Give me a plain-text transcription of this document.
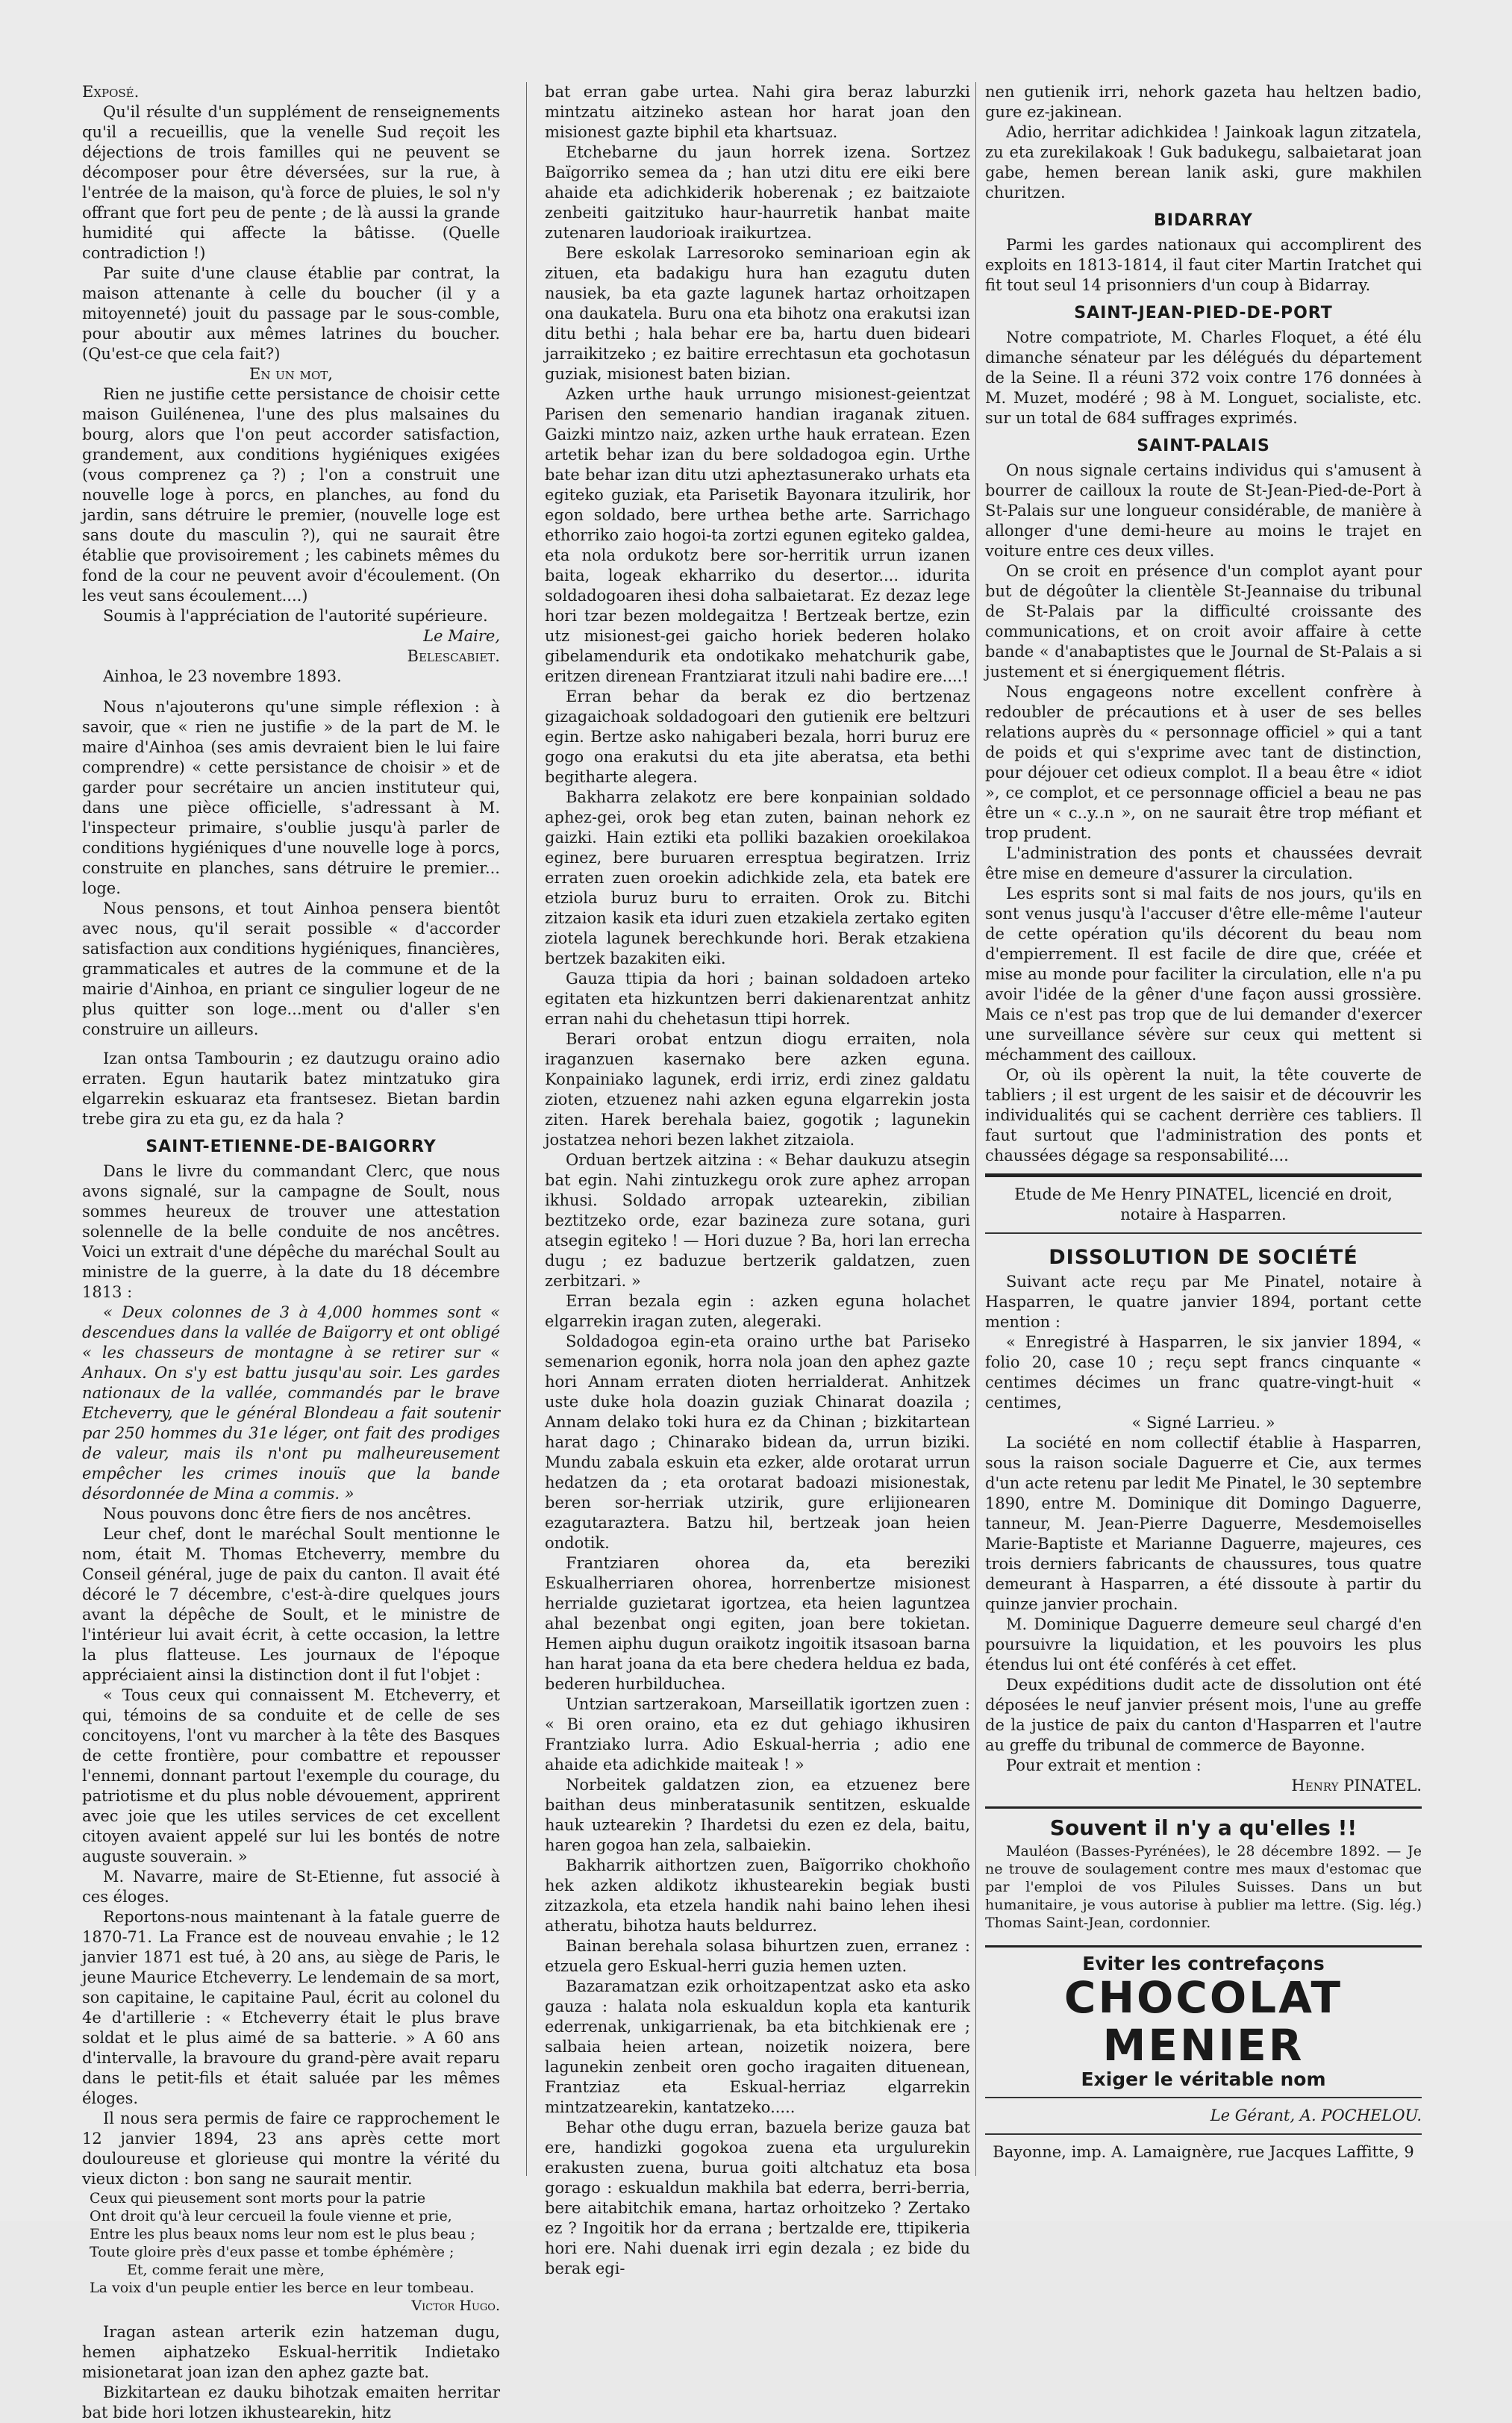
Exposé.

Qu'il résulte d'un supplément de renseignements qu'il a recueillis, que la venelle Sud reçoit les déjections de trois familles qui ne peuvent se décomposer pour être déversées, sur la rue, à l'entrée de la maison, qu'à force de pluies, le sol n'y offrant que fort peu de pente ; de là aussi la grande humidité qui affecte la bâtisse. (Quelle contradiction !)

Par suite d'une clause établie par contrat, la maison attenante à celle du boucher (il y a mitoyenneté) jouit du passage par le sous-comble, pour aboutir aux mêmes latrines du boucher. (Qu'est-ce que cela fait?)

En un mot,

Rien ne justifie cette persistance de choisir cette maison Guilénenea, l'une des plus malsaines du bourg, alors que l'on peut accorder satisfaction, grandement, aux conditions hygiéniques exigées (vous comprenez ça ?) ; l'on a construit une nouvelle loge à porcs, en planches, au fond du jardin, sans détruire le premier, (nouvelle loge est sans doute du masculin ?), qui ne saurait être établie que provisoirement ; les cabinets mêmes du fond de la cour ne peuvent avoir d'écoulement. (On les veut sans écoulement....)

Soumis à l'appréciation de l'autorité supérieure.

Le Maire,

Belescabiet.

Ainhoa, le 23 novembre 1893.

Nous n'ajouterons qu'une simple réflexion : à savoir, que « rien ne justifie » de la part de M. le maire d'Ainhoa (ses amis devraient bien le lui faire comprendre) « cette persistance de choisir » et de garder pour secrétaire un ancien instituteur qui, dans une pièce officielle, s'adressant à M. l'inspecteur primaire, s'oublie jusqu'à parler de conditions hygiéniques d'une nouvelle loge à porcs, construite en planches, sans détruire le premier... loge.

Nous pensons, et tout Ainhoa pensera bientôt avec nous, qu'il serait possible « d'accorder satisfaction aux conditions hygiéniques, financières, grammaticales et autres de la commune et de la mairie d'Ainhoa, en priant ce singulier logeur de ne plus quitter son loge...ment ou d'aller s'en construire un ailleurs.

Izan ontsa Tambourin ; ez dautzugu oraino adio erraten. Egun hautarik batez mintzatuko gira elgarrekin eskuaraz eta frantsesez. Bietan bardin trebe gira zu eta gu, ez da hala ?

SAINT-ETIENNE-DE-BAIGORRY

Dans le livre du commandant Clerc, que nous avons signalé, sur la campagne de Soult, nous sommes heureux de trouver une attestation solennelle de la belle conduite de nos ancêtres. Voici un extrait d'une dépêche du maréchal Soult au ministre de la guerre, à la date du 18 décembre 1813 :

« Deux colonnes de 3 à 4,000 hommes sont « descendues dans la vallée de Baïgorry et ont obligé « les chasseurs de montagne à se retirer sur « Anhaux. On s'y est battu jusqu'au soir. Les gardes nationaux de la vallée, commandés par le brave Etcheverry, que le général Blondeau a fait soutenir par 250 hommes du 31e léger, ont fait des prodiges de valeur, mais ils n'ont pu malheureusement empêcher les crimes inouïs que la bande désordonnée de Mina a commis. »

Nous pouvons donc être fiers de nos ancêtres.

Leur chef, dont le maréchal Soult mentionne le nom, était M. Thomas Etcheverry, membre du Conseil général, juge de paix du canton. Il avait été décoré le 7 décembre, c'est-à-dire quelques jours avant la dépêche de Soult, et le ministre de l'intérieur lui avait écrit, à cette occasion, la lettre la plus flatteuse. Les journaux de l'époque appréciaient ainsi la distinction dont il fut l'objet :

« Tous ceux qui connaissent M. Etcheverry, et qui, témoins de sa conduite et de celle de ses concitoyens, l'ont vu marcher à la tête des Basques de cette frontière, pour combattre et repousser l'ennemi, donnant partout l'exemple du courage, du patriotisme et du plus noble dévouement, apprirent avec joie que les utiles services de cet excellent citoyen avaient appelé sur lui les bontés de notre auguste souverain. »

M. Navarre, maire de St-Etienne, fut associé à ces éloges.

Reportons-nous maintenant à la fatale guerre de 1870-71. La France est de nouveau envahie ; le 12 janvier 1871 est tué, à 20 ans, au siège de Paris, le jeune Maurice Etcheverry. Le lendemain de sa mort, son capitaine, le capitaine Paul, écrit au colonel du 4e d'artillerie : « Etcheverry était le plus brave soldat et le plus aimé de sa batterie. » A 60 ans d'intervalle, la bravoure du grand-père avait reparu dans le petit-fils et était saluée par les mêmes éloges.

Il nous sera permis de faire ce rapprochement le 12 janvier 1894, 23 ans après cette mort douloureuse et glorieuse qui montre la vérité du vieux dicton : bon sang ne saurait mentir.

Ceux qui pieusement sont morts pour la patrie

Ont droit qu'à leur cercueil la foule vienne et prie,

Entre les plus beaux noms leur nom est le plus beau ;

Toute gloire près d'eux passe et tombe éphémère ;

Et, comme ferait une mère,

La voix d'un peuple entier les berce en leur tombeau.

Victor Hugo.

Iragan astean arterik ezin hatzeman dugu, hemen aiphatzeko Eskual-herritik Indietako misionetarat joan izan den aphez gazte bat.

Bizkitartean ez dauku bihotzak emaiten herritar bat bide hori lotzen ikhustearekin, hitz

bat erran gabe urtea. Nahi gira beraz laburzki mintzatu aitzineko astean hor harat joan den misionest gazte biphil eta khartsuaz.

Etchebarne du jaun horrek izena. Sortzez Baïgorriko semea da ; han utzi ditu ere eiki bere ahaide eta adichkiderik hoberenak ; ez baitzaiote zenbeiti gaitzituko haur-haurretik hanbat maite zutenaren laudorioak iraikurtzea.

Bere eskolak Larresoroko seminarioan egin ak zituen, eta badakigu hura han ezagutu duten nausiek, ba eta gazte lagunek hartaz orhoitzapen ona daukatela. Buru ona eta bihotz ona erakutsi izan ditu bethi ; hala behar ere ba, hartu duen bideari jarraikitzeko ; ez baitire errechtasun eta gochotasun guziak, misionest baten bizian.

Azken urthe hauk urrungo misionest-geientzat Parisen den semenario handian iraganak zituen. Gaizki mintzo naiz, azken urthe hauk erratean. Ezen artetik behar izan du bere soldadogoa egin. Urthe bate behar izan ditu utzi apheztasunerako urhats eta egiteko guziak, eta Parisetik Bayonara itzulirik, hor egon soldado, bere urthea bethe arte. Sarrichago ethorriko zaio hogoi-ta zortzi egunen egiteko galdea, eta nola ordukotz bere sor-herritik urrun izanen baita, logeak ekharriko du desertor.... idurita soldadogoaren ihesi doha salbaietarat. Ez dezaz lege hori tzar bezen moldegaitza ! Bertzeak bertze, ezin utz misionest-gei gaicho horiek bederen holako gibelamendurik eta ondotikako mehatchurik gabe, eritzen direnean Frantziarat itzuli nahi badire ere....!

Erran behar da berak ez dio bertzenaz gizagaichoak soldadogoari den gutienik ere beltzuri egin. Bertze asko nahigaberi bezala, horri buruz ere gogo ona erakutsi du eta jite aberatsa, eta bethi begitharte alegera.

Bakharra zelakotz ere bere konpainian soldado aphez-gei, orok beg etan zuten, bainan nehork ez gaizki. Hain eztiki eta polliki bazakien oroekilakoa eginez, bere buruaren erresptua begiratzen. Irriz erraten zuen oroekin adichkide zela, eta batek ere etziola buruz buru to erraiten. Orok zu. Bitchi zitzaion kasik eta iduri zuen etzakiela zertako egiten ziotela lagunek berechkunde hori. Berak etzakiena bertzek bazakiten eiki.

Gauza ttipia da hori ; bainan soldadoen arteko egitaten eta hizkuntzen berri dakienarentzat anhitz erran nahi du chehetasun ttipi horrek.

Berari orobat entzun diogu erraiten, nola iraganzuen kasernako bere azken eguna. Konpainiako lagunek, erdi irriz, erdi zinez galdatu zioten, etzuenez nahi azken eguna elgarrekin josta ziten. Harek berehala baiez, gogotik ; lagunekin jostatzea nehori bezen lakhet zitzaiola.

Orduan bertzek aitzina : « Behar daukuzu atsegin bat egin. Nahi zintuzkegu orok zure aphez arropan ikhusi. Soldado arropak uztearekin, zibilian beztitzeko orde, ezar bazineza zure sotana, guri atsegin egiteko ! — Hori duzue ? Ba, hori lan errecha dugu ; ez baduzue bertzerik galdatzen, zuen zerbitzari. »

Erran bezala egin : azken eguna holachet elgarrekin iragan zuten, alegeraki.

Soldadogoa egin-eta oraino urthe bat Pariseko semenarion egonik, horra nola joan den aphez gazte hori Annam erraten dioten herrialderat. Anhitzek uste duke hola doazin guziak Chinarat doazila ; Annam delako toki hura ez da Chinan ; bizkitartean harat dago ; Chinarako bidean da, urrun biziki. Mundu zabala eskuin eta ezker, alde orotarat urrun hedatzen da ; eta orotarat badoazi misionestak, beren sor-herriak utzirik, gure erlijionearen ezagutaraztera. Batzu hil, bertzeak joan heien ondotik.

Frantziaren ohorea da, eta bereziki Eskualherriaren ohorea, horrenbertze misionest herrialde guzietarat igortzea, eta heien laguntzea ahal bezenbat ongi egiten, joan bere tokietan. Hemen aiphu dugun oraikotz ingoitik itsasoan barna han harat joana da eta bere chedera heldua ez bada, bederen hurbilduchea.

Untzian sartzerakoan, Marseillatik igortzen zuen : « Bi oren oraino, eta ez dut gehiago ikhusiren Frantziako lurra. Adio Eskual-herria ; adio ene ahaide eta adichkide maiteak ! »

Norbeitek galdatzen zion, ea etzuenez bere baithan deus minberatasunik sentitzen, eskualde hauk uztearekin ? Ihardetsi du ezen ez dela, baitu, haren gogoa han zela, salbaiekin.

Bakharrik aithortzen zuen, Baïgorriko chokhoño hek azken aldikotz ikhustearekin begiak busti zitzazkola, eta etzela handik nahi baino lehen ihesi atheratu, bihotza hauts beldurrez.

Bainan berehala solasa bihurtzen zuen, erranez : etzuela gero Eskual-herri guzia hemen uzten.

Bazaramatzan ezik orhoitzapentzat asko eta asko gauza : halata nola eskualdun kopla eta kanturik ederrenak, unkigarrienak, ba eta bitchkienak ere ; salbaia heien artean, noizetik noizera, bere lagunekin zenbeit oren gocho iragaiten dituenean, Frantziaz eta Eskual-herriaz elgarrekin mintzatzearekin, kantatzeko.....

Behar othe dugu erran, bazuela berize gauza bat ere, handizki gogokoa zuena eta urgulurekin erakusten zuena, burua goiti altchatuz eta bosa gorago : eskualdun makhila bat ederra, berri-berria, bere aitabitchik emana, hartaz orhoitzeko ? Zertako ez ? Ingoitik hor da errana ; bertzalde ere, ttipikeria hori ere. Nahi duenak irri egin dezala ; ez bide du berak egi-

nen gutienik irri, nehork gazeta hau heltzen badio, gure ez-jakinean.

Adio, herritar adichkidea ! Jainkoak lagun zitzatela, zu eta zurekilakoak ! Guk badukegu, salbaietarat joan gabe, hemen berean lanik aski, gure makhilen churitzen.

BIDARRAY

Parmi les gardes nationaux qui accomplirent des exploits en 1813-1814, il faut citer Martin Iratchet qui fit tout seul 14 prisonniers d'un coup à Bidarray.

SAINT-JEAN-PIED-DE-PORT

Notre compatriote, M. Charles Floquet, a été élu dimanche sénateur par les délégués du département de la Seine. Il a réuni 372 voix contre 176 données à M. Muzet, modéré ; 98 à M. Longuet, socialiste, etc. sur un total de 684 suffrages exprimés.

SAINT-PALAIS

On nous signale certains individus qui s'amusent à bourrer de cailloux la route de St-Jean-Pied-de-Port à St-Palais sur une longueur considérable, de manière à allonger d'une demi-heure au moins le trajet en voiture entre ces deux villes.

On se croit en présence d'un complot ayant pour but de dégoûter la clientèle St-Jeannaise du tribunal de St-Palais par la difficulté croissante des communications, et on croit avoir affaire à cette bande « d'anabaptistes que le Journal de St-Palais a si justement et si énergiquement flétris.

Nous engageons notre excellent confrère à redoubler de précautions et à user de ses belles relations auprès du « personnage officiel » qui a tant de poids et qui s'exprime avec tant de distinction, pour déjouer cet odieux complot. Il a beau être « idiot », ce complot, et ce personnage officiel a beau ne pas être un « c..y..n », on ne saurait être trop méfiant et trop prudent.

L'administration des ponts et chaussées devrait être mise en demeure d'assurer la circulation.

Les esprits sont si mal faits de nos jours, qu'ils en sont venus jusqu'à l'accuser d'être elle-même l'auteur de cette opération qu'ils décorent du beau nom d'empierrement. Il est facile de dire que, créée et mise au monde pour faciliter la circulation, elle n'a pu avoir l'idée de la gêner d'une façon aussi grossière. Mais ce n'est pas trop que de lui demander d'exercer une surveillance sévère sur ceux qui mettent si méchamment des cailloux.

Or, où ils opèrent la nuit, la tête couverte de tabliers ; il est urgent de les saisir et de découvrir les individualités qui se cachent derrière ces tabliers. Il faut surtout que l'administration des ponts et chaussées dégage sa responsabilité....

Etude de Me Henry PINATEL, licencié en droit, notaire à Hasparren.

DISSOLUTION DE SOCIÉTÉ

Suivant acte reçu par Me Pinatel, notaire à Hasparren, le quatre janvier 1894, portant cette mention :

« Enregistré à Hasparren, le six janvier 1894, « folio 20, case 10 ; reçu sept francs cinquante « centimes décimes un franc quatre-vingt-huit « centimes,

« Signé Larrieu. »

La société en nom collectif établie à Hasparren, sous la raison sociale Daguerre et Cie, aux termes d'un acte retenu par ledit Me Pinatel, le 30 septembre 1890, entre M. Dominique dit Domingo Daguerre, tanneur, M. Jean-Pierre Daguerre, Mesdemoiselles Marie-Baptiste et Marianne Daguerre, majeures, ces trois derniers fabricants de chaussures, tous quatre demeurant à Hasparren, a été dissoute à partir du quinze janvier prochain.

M. Dominique Daguerre demeure seul chargé d'en poursuivre la liquidation, et les pouvoirs les plus étendus lui ont été conférés à cet effet.

Deux expéditions dudit acte de dissolution ont été déposées le neuf janvier présent mois, l'une au greffe de la justice de paix du canton d'Hasparren et l'autre au greffe du tribunal de commerce de Bayonne.

Pour extrait et mention :

Henry PINATEL.

Souvent il n'y a qu'elles !!

Mauléon (Basses-Pyrénées), le 28 décembre 1892. — Je ne trouve de soulagement contre mes maux d'estomac que par l'emploi de vos Pilules Suisses. Dans un but humanitaire, je vous autorise à publier ma lettre. (Sig. lég.) Thomas Saint-Jean, cordonnier.

Eviter les contrefaçons
CHOCOLAT
MENIER
Exiger le véritable nom

Le Gérant, A. POCHELOU.

Bayonne, imp. A. Lamaignère, rue Jacques Laffitte, 9
